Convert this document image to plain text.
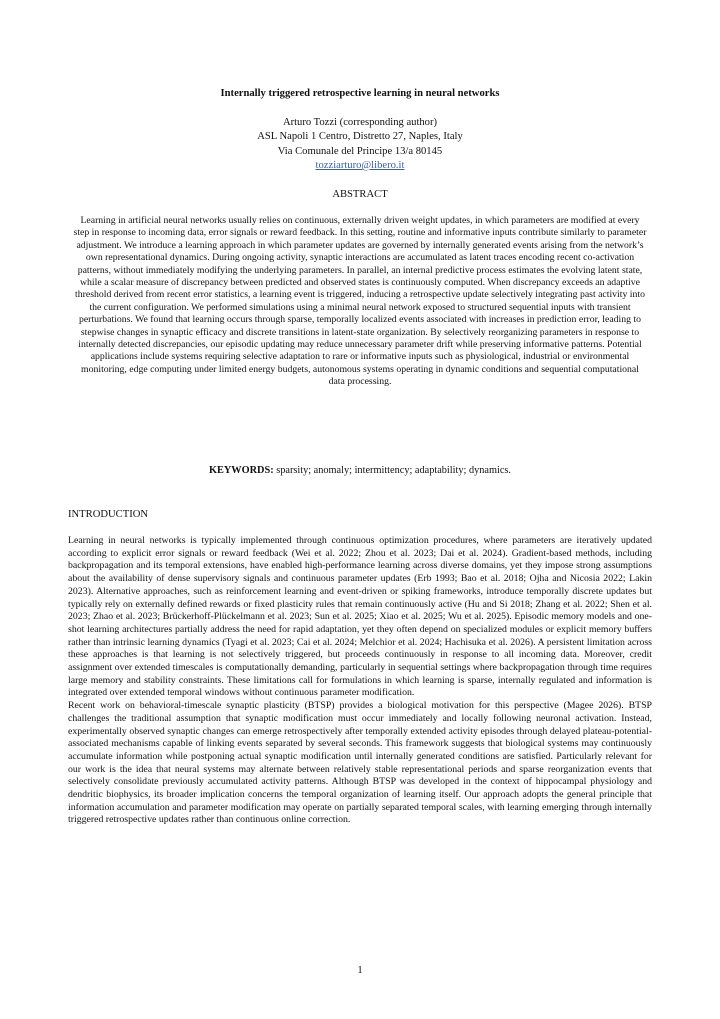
Internally triggered retrospective learning in neural networks
Arturo Tozzi (corresponding author)
ASL Napoli 1 Centro, Distretto 27, Naples, Italy
Via Comunale del Principe 13/a 80145
tozziarturo@libero.it
ABSTRACT

Learning in artificial neural networks usually relies on continuous, externally driven weight updates, in which parameters are modified at every step in response to incoming data, error signals or reward feedback. In this setting, routine and informative inputs contribute similarly to parameter adjustment. We introduce a learning approach in which parameter updates are governed by internally generated events arising from the network’s own representational dynamics. During ongoing activity, synaptic interactions are accumulated as latent traces encoding recent co-activation patterns, without immediately modifying the underlying parameters. In parallel, an internal predictive process estimates the evolving latent state, while a scalar measure of discrepancy between predicted and observed states is continuously computed. When discrepancy exceeds an adaptive threshold derived from recent error statistics, a learning event is triggered, inducing a retrospective update selectively integrating past activity into the current configuration. We performed simulations using a minimal neural network exposed to structured sequential inputs with transient perturbations. We found that learning occurs through sparse, temporally localized events associated with increases in prediction error, leading to stepwise changes in synaptic efficacy and discrete transitions in latent-state organization. By selectively reorganizing parameters in response to internally detected discrepancies, our episodic updating may reduce unnecessary parameter drift while preserving informative patterns. Potential applications include systems requiring selective adaptation to rare or informative inputs such as physiological, industrial or environmental monitoring, edge computing under limited energy budgets, autonomous systems operating in dynamic conditions and sequential computational data processing.

KEYWORDS: sparsity; anomaly; intermittency; adaptability; dynamics.
INTRODUCTION

Learning in neural networks is typically implemented through continuous optimization procedures, where parameters are iteratively updated according to explicit error signals or reward feedback (Wei et al. 2022; Zhou et al. 2023; Dai et al. 2024). Gradient-based methods, including backpropagation and its temporal extensions, have enabled high-performance learning across diverse domains, yet they impose strong assumptions about the availability of dense supervisory signals and continuous parameter updates (Erb 1993; Bao et al. 2018; Ojha and Nicosia 2022; Lakin 2023). Alternative approaches, such as reinforcement learning and event-driven or spiking frameworks, introduce temporally discrete updates but typically rely on externally defined rewards or fixed plasticity rules that remain continuously active (Hu and Si 2018; Zhang et al. 2022; Shen et al. 2023; Zhao et al. 2023; Brückerhoff-Plückelmann et al. 2023; Sun et al. 2025; Xiao et al. 2025; Wu et al. 2025). Episodic memory models and one-shot learning architectures partially address the need for rapid adaptation, yet they often depend on specialized modules or explicit memory buffers rather than intrinsic learning dynamics (Tyagi et al. 2023; Cai et al. 2024; Melchior et al. 2024; Hachisuka et al. 2026). A persistent limitation across these approaches is that learning is not selectively triggered, but proceeds continuously in response to all incoming data. Moreover, credit assignment over extended timescales is computationally demanding, particularly in sequential settings where backpropagation through time requires large memory and stability constraints. These limitations call for formulations in which learning is sparse, internally regulated and information is integrated over extended temporal windows without continuous parameter modification.

Recent work on behavioral-timescale synaptic plasticity (BTSP) provides a biological motivation for this perspective (Magee 2026). BTSP challenges the traditional assumption that synaptic modification must occur immediately and locally following neuronal activation. Instead, experimentally observed synaptic changes can emerge retrospectively after temporally extended activity episodes through delayed plateau-potential-associated mechanisms capable of linking events separated by several seconds. This framework suggests that biological systems may continuously accumulate information while postponing actual synaptic modification until internally generated conditions are satisfied. Particularly relevant for our work is the idea that neural systems may alternate between relatively stable representational periods and sparse reorganization events that selectively consolidate previously accumulated activity patterns. Although BTSP was developed in the context of hippocampal physiology and dendritic biophysics, its broader implication concerns the temporal organization of learning itself. Our approach adopts the general principle that information accumulation and parameter modification may operate on partially separated temporal scales, with learning emerging through internally triggered retrospective updates rather than continuous online correction.

1
